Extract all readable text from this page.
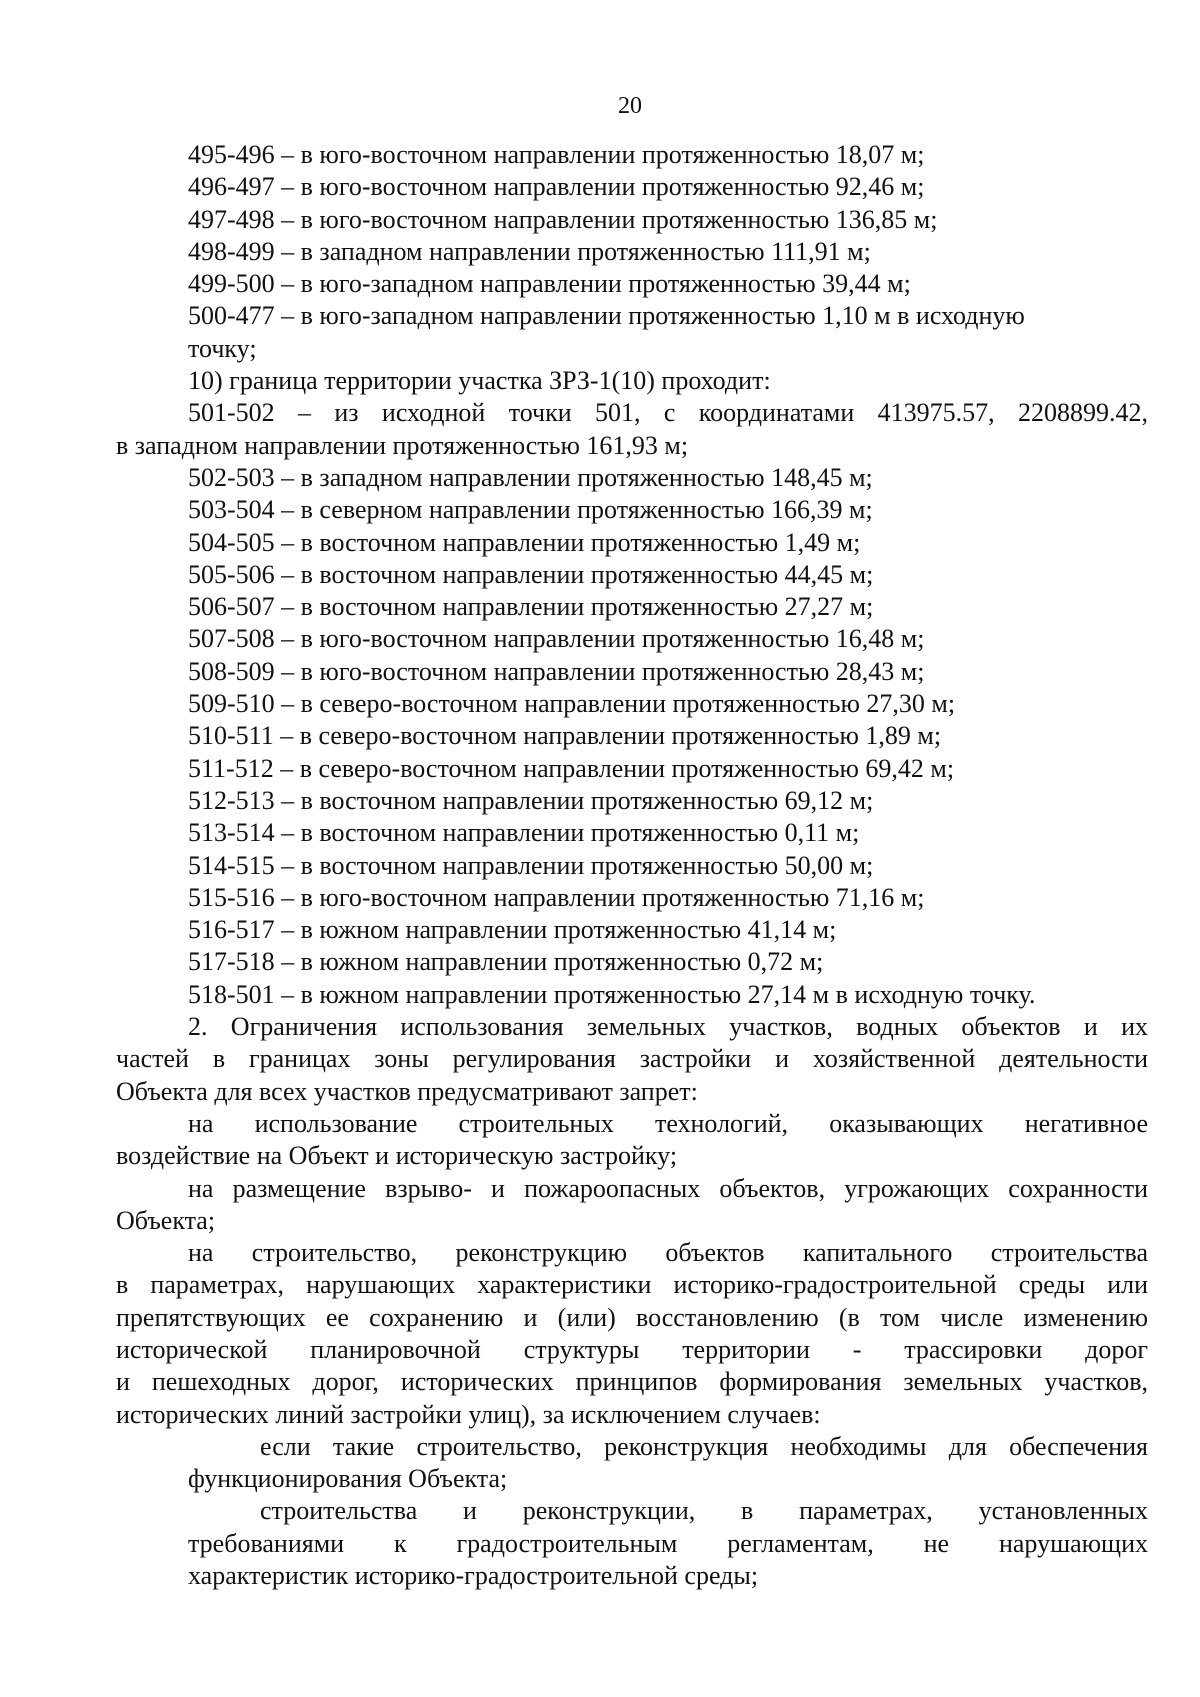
20
495-496 – в юго-восточном направлении протяженностью 18,07 м;
496-497 – в юго-восточном направлении протяженностью 92,46 м;
497-498 – в юго-восточном направлении протяженностью 136,85 м;
498-499 – в западном направлении протяженностью 111,91 м;
499-500 – в юго-западном направлении протяженностью 39,44 м;
500-477 – в юго-западном направлении протяженностью 1,10 м в исходную
точку;
10) граница территории участка ЗРЗ-1(10) проходит:
501-502 – из исходной точки 501, с координатами 413975.57, 2208899.42,
в западном направлении протяженностью 161,93 м;
502-503 – в западном направлении протяженностью 148,45 м;
503-504 – в северном направлении протяженностью 166,39 м;
504-505 – в восточном направлении протяженностью 1,49 м;
505-506 – в восточном направлении протяженностью 44,45 м;
506-507 – в восточном направлении протяженностью 27,27 м;
507-508 – в юго-восточном направлении протяженностью 16,48 м;
508-509 – в юго-восточном направлении протяженностью 28,43 м;
509-510 – в северо-восточном направлении протяженностью 27,30 м;
510-511 – в северо-восточном направлении протяженностью 1,89 м;
511-512 – в северо-восточном направлении протяженностью 69,42 м;
512-513 – в восточном направлении протяженностью 69,12 м;
513-514 – в восточном направлении протяженностью 0,11 м;
514-515 – в восточном направлении протяженностью 50,00 м;
515-516 – в юго-восточном направлении протяженностью 71,16 м;
516-517 – в южном направлении протяженностью 41,14 м;
517-518 – в южном направлении протяженностью 0,72 м;
518-501 – в южном направлении протяженностью 27,14 м в исходную точку.
2. Ограничения использования земельных участков, водных объектов и их
частей в границах зоны регулирования застройки и хозяйственной деятельности
Объекта для всех участков предусматривают запрет:
на использование строительных технологий, оказывающих негативное
воздействие на Объект и историческую застройку;
на размещение взрыво- и пожароопасных объектов, угрожающих сохранности
Объекта;
на строительство, реконструкцию объектов капитального строительства
в параметрах, нарушающих характеристики историко-градостроительной среды или
препятствующих ее сохранению и (или) восстановлению (в том числе изменению
исторической планировочной структуры территории - трассировки дорог
и пешеходных дорог, исторических принципов формирования земельных участков,
исторических линий застройки улиц), за исключением случаев:
если такие строительство, реконструкция необходимы для обеспечения
функционирования Объекта;
строительства и реконструкции, в параметрах, установленных
требованиями к градостроительным регламентам, не нарушающих
характеристик историко-градостроительной среды;
